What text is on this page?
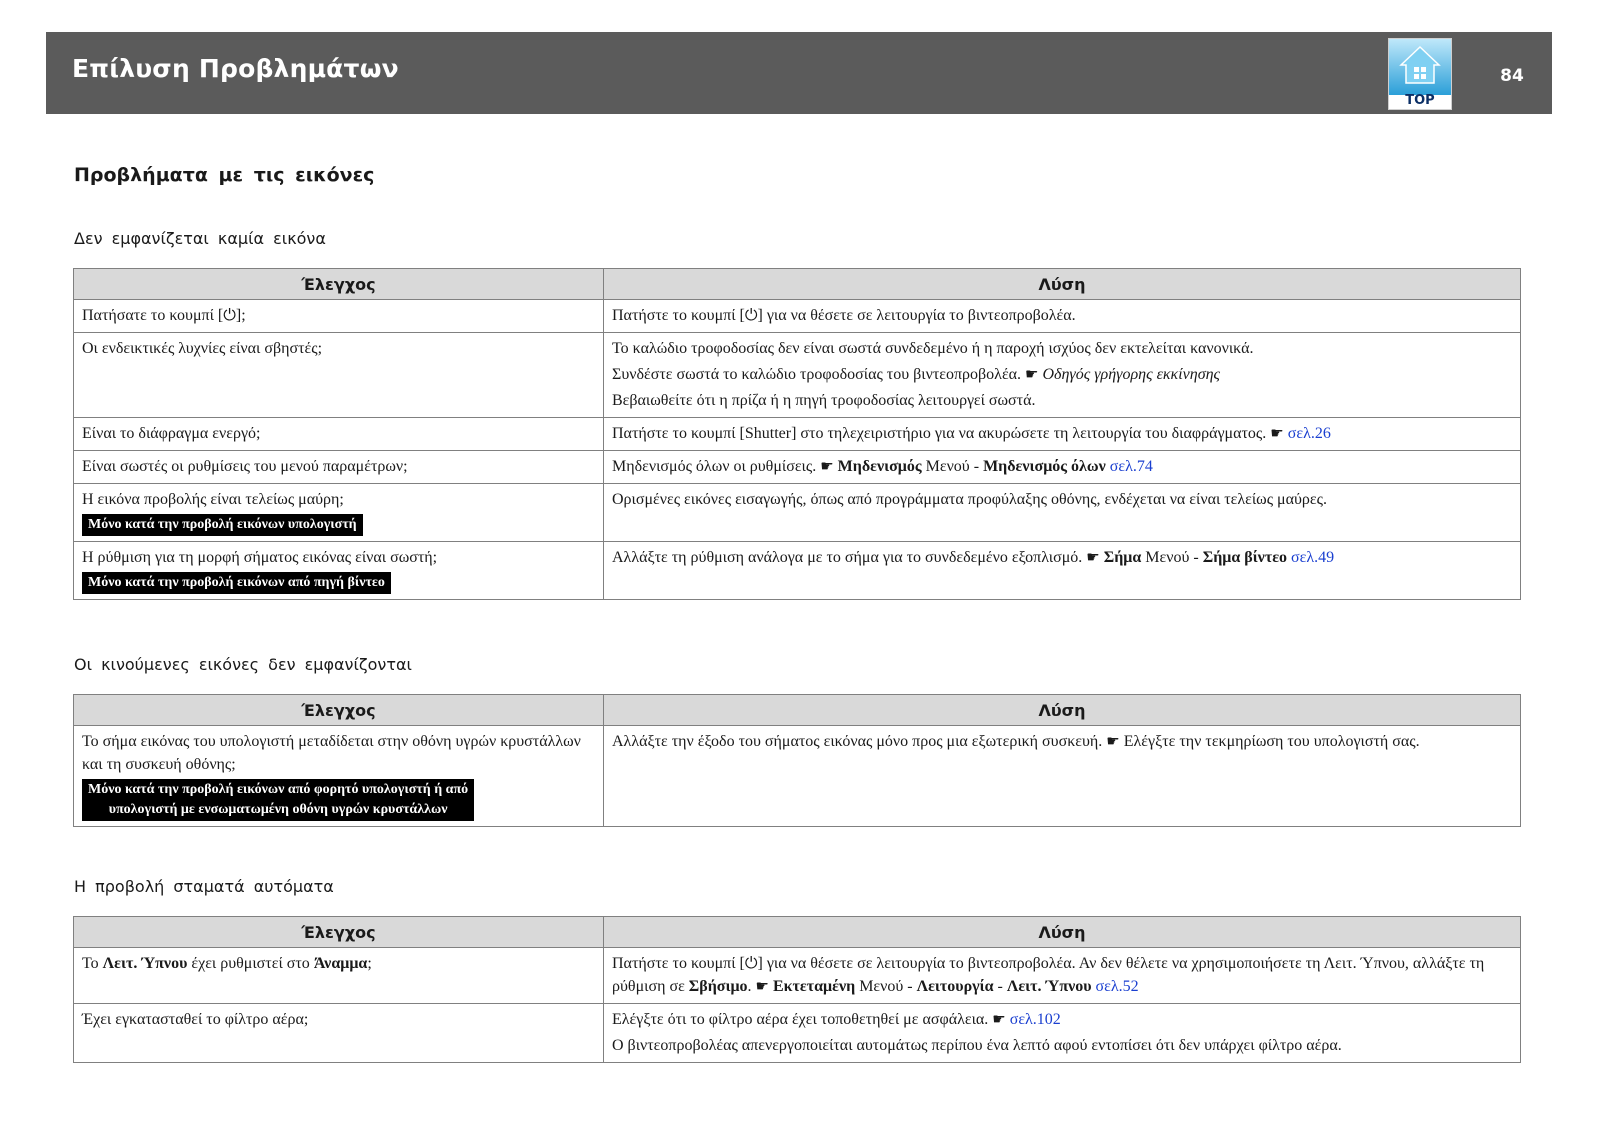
Επίλυση Προβλημάτων
TOP
84
Προβλήματα με τις εικόνες
Δεν εμφανίζεται καμία εικόνα
Έλεγχος	Λύση
Πατήσατε το κουμπί [⏻];	Πατήστε το κουμπί [⏻] για να θέσετε σε λειτουργία το βιντεοπροβολέα.
Οι ενδεικτικές λυχνίες είναι σβηστές;	Το καλώδιο τροφοδοσίας δεν είναι σωστά συνδεδεμένο ή η παροχή ισχύος δεν εκτελείται κανονικά.
Συνδέστε σωστά το καλώδιο τροφοδοσίας του βιντεοπροβολέα. ☛ Οδηγός γρήγορης εκκίνησης
Βεβαιωθείτε ότι η πρίζα ή η πηγή τροφοδοσίας λειτουργεί σωστά.

Είναι το διάφραγμα ενεργό;	Πατήστε το κουμπί [Shutter] στο τηλεχειριστήριο για να ακυρώσετε τη λειτουργία του διαφράγματος. ☛ σελ.26
Είναι σωστές οι ρυθμίσεις του μενού παραμέτρων;	Μηδενισμός όλων οι ρυθμίσεις. ☛ Μηδενισμός Μενού - Μηδενισμός όλων σελ.74

Η εικόνα προβολής είναι τελείως μαύρη;
Μόνο κατά την προβολή εικόνων υπολογιστή	Ορισμένες εικόνες εισαγωγής, όπως από προγράμματα προφύλαξης οθόνης, ενδέχεται να είναι τελείως μαύρες.

Η ρύθμιση για τη μορφή σήματος εικόνας είναι σωστή;
Μόνο κατά την προβολή εικόνων από πηγή βίντεο	Αλλάξτε τη ρύθμιση ανάλογα με το σήμα για το συνδεδεμένο εξοπλισμό. ☛ Σήμα Μενού - Σήμα βίντεο σελ.49
Οι κινούμενες εικόνες δεν εμφανίζονται
Έλεγχος	Λύση

Το σήμα εικόνας του υπολογιστή μεταδίδεται στην οθόνη υγρών κρυστάλλων και τη συσκευή οθόνης;
Μόνο κατά την προβολή εικόνων από φορητό υπολογιστή ή από
υπολογιστή με ενσωματωμένη οθόνη υγρών κρυστάλλων	Αλλάξτε την έξοδο του σήματος εικόνας μόνο προς μια εξωτερική συσκευή. ☛ Ελέγξτε την τεκμηρίωση του υπολογιστή σας.
Η προβολή σταματά αυτόματα
Έλεγχος	Λύση
Το Λειτ. Ύπνου έχει ρυθμιστεί στο Άναμμα;	Πατήστε το κουμπί [⏻] για να θέσετε σε λειτουργία το βιντεοπροβολέα. Αν δεν θέλετε να χρησιμοποιήσετε τη Λειτ. Ύπνου, αλλάξτε τη ρύθμιση σε Σβήσιμο. ☛ Εκτεταμένη Μενού - Λειτουργία - Λειτ. Ύπνου σελ.52
Έχει εγκατασταθεί το φίλτρο αέρα;	Ελέγξτε ότι το φίλτρο αέρα έχει τοποθετηθεί με ασφάλεια. ☛ σελ.102
Ο βιντεοπροβολέας απενεργοποιείται αυτομάτως περίπου ένα λεπτό αφού εντοπίσει ότι δεν υπάρχει φίλτρο αέρα.
